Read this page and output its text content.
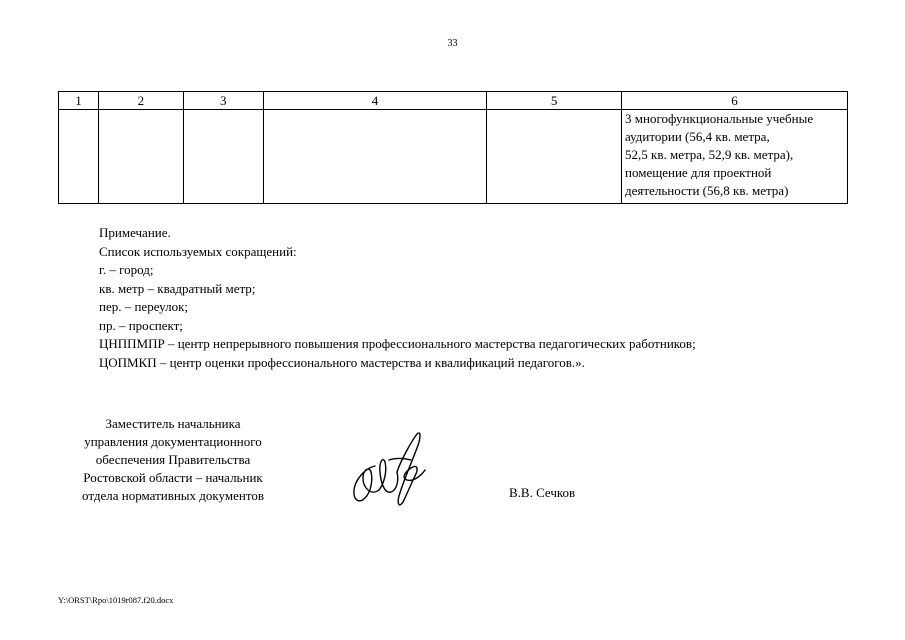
33
1	2	3	4	5	6

					3 многофункциональные учебные
аудитории (56,4 кв. метра,
52,5 кв. метра, 52,9 кв. метра),
помещение для проектной
деятельности (56,8 кв. метра)
Примечание.
Список используемых сокращений:
г. – город;
кв. метр – квадратный метр;
пер. – переулок;
пр. – проспект;
ЦНППМПР – центр непрерывного повышения профессионального мастерства педагогических работников;
ЦОПМКП – центр оценки профессионального мастерства и квалификаций педагогов.».
Заместитель начальника
управления документационного
обеспечения Правительства
Ростовской области – начальник
отдела нормативных документов	В.В. Сечков
Y:\ORST\Rpo\1019r087.f20.docx
